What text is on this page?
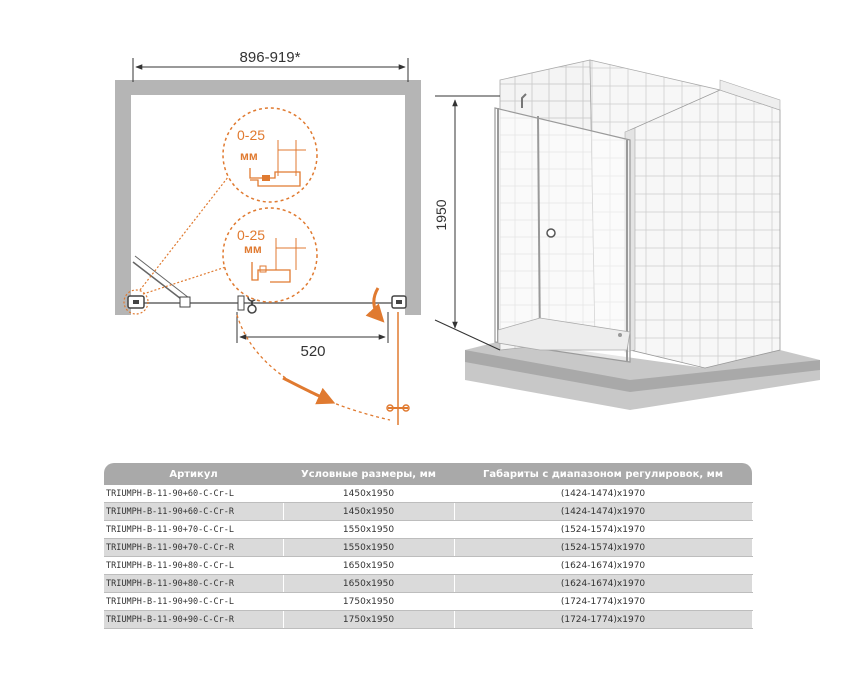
896-919*
0-25
мм
0-25
мм
520
1950
Артикул	Условные размеры, мм	Габариты с диапазоном регулировок, мм
TRIUMPH-B-11-90+60-C-Cr-L	1450x1950	(1424-1474)x1970
TRIUMPH-B-11-90+60-C-Cr-R	1450x1950	(1424-1474)x1970
TRIUMPH-B-11-90+70-C-Cr-L	1550x1950	(1524-1574)x1970
TRIUMPH-B-11-90+70-C-Cr-R	1550x1950	(1524-1574)x1970
TRIUMPH-B-11-90+80-C-Cr-L	1650x1950	(1624-1674)x1970
TRIUMPH-B-11-90+80-C-Cr-R	1650x1950	(1624-1674)x1970
TRIUMPH-B-11-90+90-C-Cr-L	1750x1950	(1724-1774)x1970
TRIUMPH-B-11-90+90-C-Cr-R	1750x1950	(1724-1774)x1970
